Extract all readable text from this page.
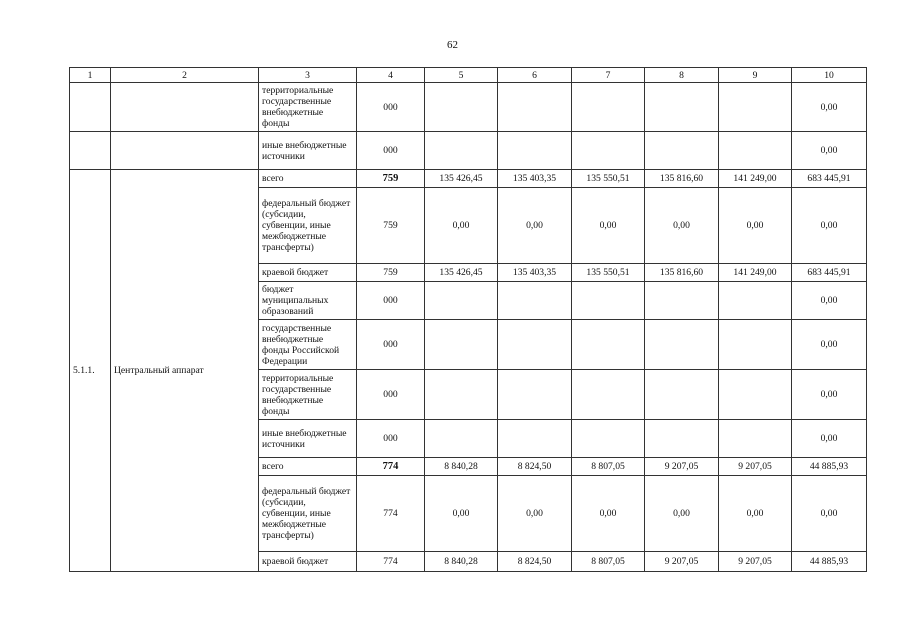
62
1	2	3	4	5	6	7	8	9	10
		территориальные государственные внебюджетные фонды	000						0,00
		иные внебюджетные источники	000						0,00
5.1.1.	Центральный аппарат	всего	759	135 426,45	135 403,35	135 550,51	135 816,60	141 249,00	683 445,91
		федеральный бюджет (субсидии, субвенции, иные межбюджетные трансферты)	759	0,00	0,00	0,00	0,00	0,00	0,00
		краевой бюджет	759	135 426,45	135 403,35	135 550,51	135 816,60	141 249,00	683 445,91
		бюджет муниципальных образований	000						0,00
		государственные внебюджетные фонды Российской Федерации	000						0,00
		территориальные государственные внебюджетные фонды	000						0,00
		иные внебюджетные источники	000						0,00
		всего	774	8 840,28	8 824,50	8 807,05	9 207,05	9 207,05	44 885,93
		федеральный бюджет (субсидии, субвенции, иные межбюджетные трансферты)	774	0,00	0,00	0,00	0,00	0,00	0,00
		краевой бюджет	774	8 840,28	8 824,50	8 807,05	9 207,05	9 207,05	44 885,93
